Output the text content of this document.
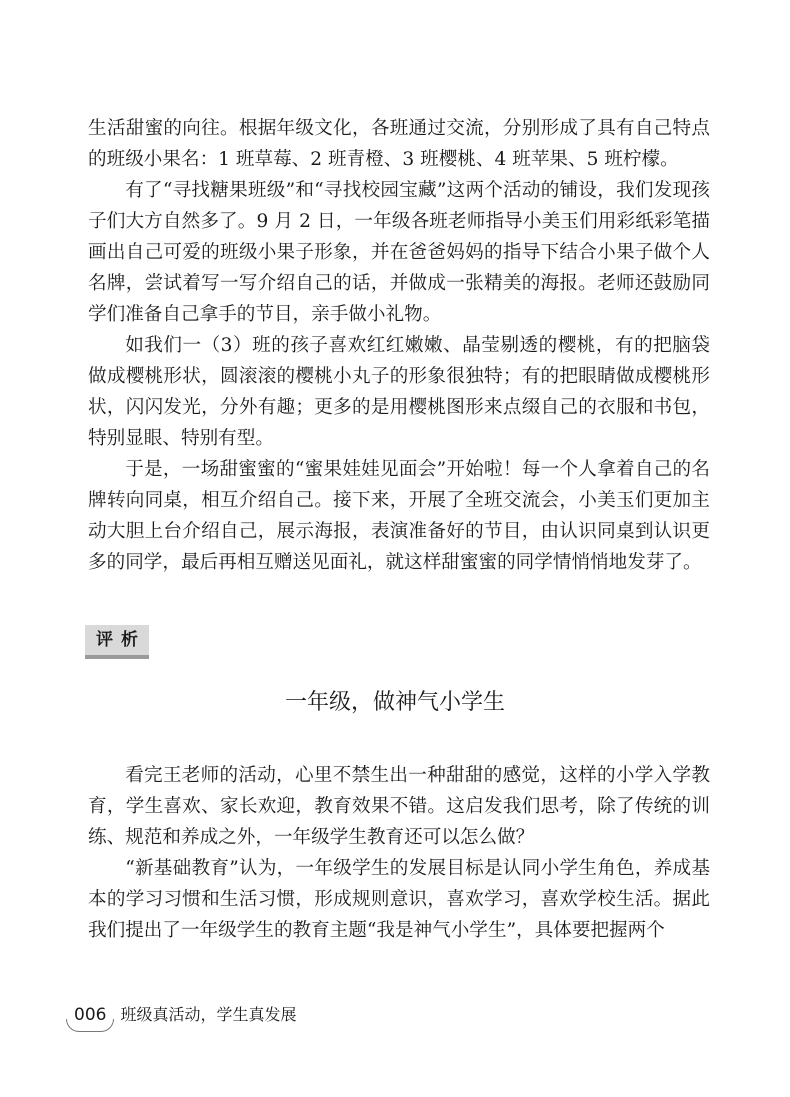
生活甜蜜的向往。根据年级文化，各班通过交流，分别形成了具有自己特点的班级小果名：1 班草莓、2 班青橙、3 班樱桃、4 班苹果、5 班柠檬。

有了“寻找糖果班级”和“寻找校园宝藏”这两个活动的铺设，我们发现孩子们大方自然多了。9 月 2 日，一年级各班老师指导小美玉们用彩纸彩笔描画出自己可爱的班级小果子形象，并在爸爸妈妈的指导下结合小果子做个人名牌，尝试着写一写介绍自己的话，并做成一张精美的海报。老师还鼓励同学们准备自己拿手的节目，亲手做小礼物。

如我们一（3）班的孩子喜欢红红嫩嫩、晶莹剔透的樱桃，有的把脑袋做成樱桃形状，圆滚滚的樱桃小丸子的形象很独特；有的把眼睛做成樱桃形状，闪闪发光，分外有趣；更多的是用樱桃图形来点缀自己的衣服和书包，特别显眼、特别有型。

于是，一场甜蜜蜜的“蜜果娃娃见面会”开始啦！每一个人拿着自己的名牌转向同桌，相互介绍自己。接下来，开展了全班交流会，小美玉们更加主动大胆上台介绍自己，展示海报，表演准备好的节目，由认识同桌到认识更多的同学，最后再相互赠送见面礼，就这样甜蜜蜜的同学情悄悄地发芽了。

评析
一年级，做神气小学生

看完王老师的活动，心里不禁生出一种甜甜的感觉，这样的小学入学教育，学生喜欢、家长欢迎，教育效果不错。这启发我们思考，除了传统的训练、规范和养成之外，一年级学生教育还可以怎么做？

“新基础教育”认为，一年级学生的发展目标是认同小学生角色，养成基本的学习习惯和生活习惯，形成规则意识，喜欢学习，喜欢学校生活。据此我们提出了一年级学生的教育主题“我是神气小学生”，具体要把握两个

006 班级真活动，学生真发展
